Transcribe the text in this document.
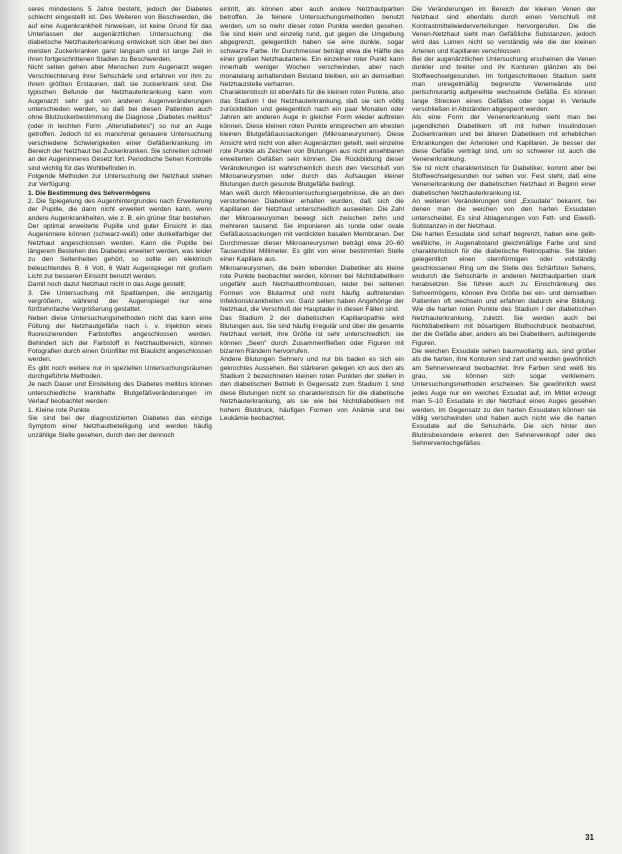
seres mindestens 5 Jahre besteht, jedoch der Diabetes schlecht eingestellt ist. Des Weiteren von Beschwerden, die auf eine Augenkrankheit hinweisen, ist keine Grund für das Unterlassen der augenärztlichen Untersuchung: die diabetische Netzhauterkrankung entwickelt sich über bei den meisten Zuckerkranken ganz langsam und ist lange Zeit in ihren fortgeschrittenen Stadien zu Beschwerden.

Nicht selten gehen aber Menschen zum Augenarzt wegen Verschlechterung ihrer Sehschärfe und erfahren vor ihm zu ihrem größten Erstaunen, daß sie zuckerkrank sind. Die typischen Befunde der Netzhauterkrankung kann vom Augenarzt sehr gut von anderen Augenveränderungen unterschieden werden, so daß bei diesen Patienten auch ohne Blutzuckerbestimmung die Diagnose „Diabetes mellitus" (oder in leichten Form „Altersdiabetes") so nur an Auge getroffen. Jedoch ist es manchmal genauere Untersuchung verschiedene Schwierigkeiten einer Gefäßerkrankung im Bereich der Netzhaut bei Zuckerkranken. Sie schreiten schnell an der Augeninneres Gesetz fort. Periodische Sehen Kontrolle sind wichtig für das Wohlbefinden in.

Folgende Methoden zur Untersuchung der Netzhaut stehen zur Verfügung:

1. Die Bestimmung des Sehvermögens

2. Die Spiegelung des Augenhintergrundes nach Erweiterung der Pupille, die dann nicht erweitert werden kann, wenn andere Augenkrankheiten, wie z. B. ein grüner Star bestehen. Der optimal erweiterte Pupille und guter Einsicht in das Augeninnere können (schwarz-weiß) oder dunkelfarbiger der Netzhaut angeschlossen werden. Kann die Pupille bei längerem Bestehen des Diabetes erweitert werden, was leider zu den Seltenheiten gehört, so sollte ein elektrisch beleuchtendes B. 6 Volt, 6 Watt Augenspiegel mit großem Licht zur besseren Einsicht benutzt werden.

Damit noch dazu! Netzhaut nicht in das Auge gestellt;

3. Die Untersuchung mit Spaltlampen, die einzigartig vergrößern, während der Augenspiegel nur eine fünfzehnfache Vergrößerung gestattet.

Neben diese Untersuchungsmethoden nicht das kann eine Füllung der Netzhautgefäße nach i. v. Injektion eines fluoreszierenden Farbstoffes angeschlossen werden. Behindert sich der Farbstoff in Netzhautbereich, können Fotografien durch einen Grünfilter mit Blaulicht angeschlossen werden.

Es gibt noch weitere nur in speziellen Untersuchungsräumen durchgeführte Methoden.

Je nach Dauer und Einstellung des Diabetes mellitus können unterschiedliche krankhafte Blutgefäßveränderungen im Verlauf beobachtet werden:

1. Kleine rote Punkte

Sie sind bei der diagnostizierten Diabetes das einzige Symptom einer Netzhautbeteiligung und werden häufig unzählige Stelle gesehen, durch den der dennoch

eintritt, als können aber auch andere Netzhautpartien betroffen. Je feinere Untersuchungsmethoden benutzt werden, um so mehr dieser roten Punkte werden gesehen. Sie sind klein und einzelig rund, gut gegen die Umgebung abgegrenzt, gelegentlich haben sie eine dunkle, sogar schwarze Farbe. Ihr Durchmesser beträgt etwa die Hälfte des einer großen Netzhautarterie. Ein einzelner roter Punkt kann innerhalb weniger Wochen verschwinden, aber nach monatelang anhaltendem Bestand bleiben, ein an demselben Netzhautstelle verharren.

Charakteristisch ist ebenfalls für die kleinen roten Punkte, also das Stadium I der Netzhauterkrankung, daß sie sich völlig zurückbilden und gelegentlich nach ein paar Monaten oder Jahren am anderen Auge in gleicher Form wieder auftreten können. Diese kleinen roten Punkte entsprechen am ehesten kleinen Blutgefäßaussackungen (Mikroaneurysmen). Diese Ansicht wird nicht von allen Augenärzten geteilt, weil einzelne rote Punkte als Zeichen von Blutungen aus nicht ansehbaren erweiterten Gefäßen sein können. Die Rückbildung dieser Veränderungen ist wahrscheinlich durch den Verschluß von Mikroaneurysmen oder durch das Aufsaugen kleiner Blutungen durch gesunde Blutgefäße bedingt.

Man weiß durch Mikrountersuchungsergebnisse, die an den verstorbenen Diabetiker erhalten wurden, daß sich die Kapillaren der Netzhaut unterschiedlich ausweiten. Die Zahl der Mikroaneurysmen bewegt sich zwischen zehn und mehreren tausend. Sie imponieren als runde oder ovale Gefäßaussackungen mit verdickten basalen Membranen. Der Durchmesser dieser Mikroaneurysmen beträgt etwa 20–60 Tausendstel Millimeter. Es gibt von einer bestimmten Stelle einer Kapillare aus.

Mikroaneurysmen, die beim lebenden Diabetiker als kleine rote Punkte beobachtet werden, können bei Nichtdiabetikern ungefähr auch Netzhautthrombosen, leider bei seltenen Formen von Blutarmut und nicht häufig auftretenden Infektionskrankheiten vor. Ganz selten haben Angehörige der Netzhaut, die Verschluß der Hauptader in diesen Fällen sind.

Das Stadium 2 der diabetischen Kapillaropathie wird Blutungen aus. Sie sind häufig irregulär und über die gesamte Netzhaut verteilt, ihre Größe ist sehr unterschiedlich; sie können „Seen" durch Zusammenfließen oder Figuren mit bizarren Rändern hervorrufen.

Andere Blutungen Sehnerv und nur bis baden es sich ein gekrochtes Aussehen. Bei stärkeren gelegen ich aus den als Stadium 2 bezeichneten kleinen roten Punkten der stellen in den diabetischen Betrieb in Gegensatz zum Stadium 1 sind diese Blutungen nicht so charakteristisch für die diabetische Netzhauterkrankung, als sie wie bei Nichtdiabetikern mit hohem Blutdruck, häufigen Formen von Anämie und bei Leukämie beobachtet.

Die Veränderungen im Bereich der kleinen Venen der Netzhaut sind ebenfalls durch einen Verschluß mit Kontrastmittelwiederverteilungen hervorgerufen. Die die Venen-Netzhaut sieht man Gefäßliche Substanzen, jedoch wird das Lumen nicht so verständig wie die der kleinen Arterien und Kapillaren verschlossen.

Bei der augenärztlichen Untersuchung erscheinen die Venen dunkler und breiter und ihr Konturen glänzen als bei Stoffwechselgesunden. Im fortgeschrittenen Stadium sieht man unregelmäßig begrenzte Venenwände und perlschnurartig aufgereihte wechselnde Gefäße. Es können lange Strecken eines Gefäßes oder sogar in Verlaufe verschließen in Abständen abgesperrt werden.

Als eine Form der Venenerkrankung sieht man bei jugendlichen Diabetikern oft mit hohen Insulindosen Zuckerkranken und bei älteren Diabetikern mit erheblichen Erkrankungen der Arteriolen und Kapillaren. Je besser der diese Gefäße verträgt sind, um so schwerer ist auch die Venenerkrankung.

Sie ist nicht charakteristisch für Diabetiker, kommt aber bei Stoffwechselgesunden nur selten vor. Fest steht, daß eine Venenerkrankung der diabetischen Netzhaut in Beginn einer diabetischen Netzhauterkrankung ist.

An weiteren Veränderungen sind „Exsudate" bekannt, bei denen man die weichen von den harten Exsudaten unterscheidet. Es sind Ablagerungen von Fett- und Eiweiß-Substanzen in der Netzhaut.

Die harten Exsudate sind scharf begrenzt, haben eine gelb-weißliche, in Augenabstand gleichmäßige Farbe und sind charakteristisch für die diabetische Retinopathie. Sie bilden gelegentlich einen sternförmigen oder vollständig geschlossenen Ring um die Stelle des Schärfsten Sehens, wodurch die Sehschärfe in anderen Netzhautpartien stark herabsetzen. Sie führen auch zu Einschränkung des Sehvermögens, können ihre Größe bei ein- und demselben Patienten oft wechseln und erfahren dadurch eine Bildung. Wie die harten roten Punkte des Stadium I der diabetischen Netzhauterkrankung, zuletzt. Sie werden auch bei Nichtdiabetikern mit bösartigem Bluthochdruck beobachtet, der die Gefäße aber, anders als bei Diabetikern, aufsteigende Figuren.

Die weichen Exsudate sehen baumwollartig aus, sind größer als die harten, ihre Konturen sind zart und werden gewöhnlich am Sehnervenrand beobachtet. Ihre Farben sind weiß bis grau, sie können sich sogar verkleinern. Untersuchungsmethoden erscheinen. Sie gewöhnlich weist jedes Auge nur ein weiches Exsudat auf, im Mittel erzeugt man 5–10 Exsudate in der Netzhaut eines Auges gesehen werden. Im Gegensatz zu den harten Exsudaten können sie völlig verschwinden und haben auch nicht wie die harten Exsudate auf die Sehschärfe. Die sich hinter den Blutinsbesondere erkennt den Sehnervenkopf oder des Sehnervenlochgefäßes.

31
